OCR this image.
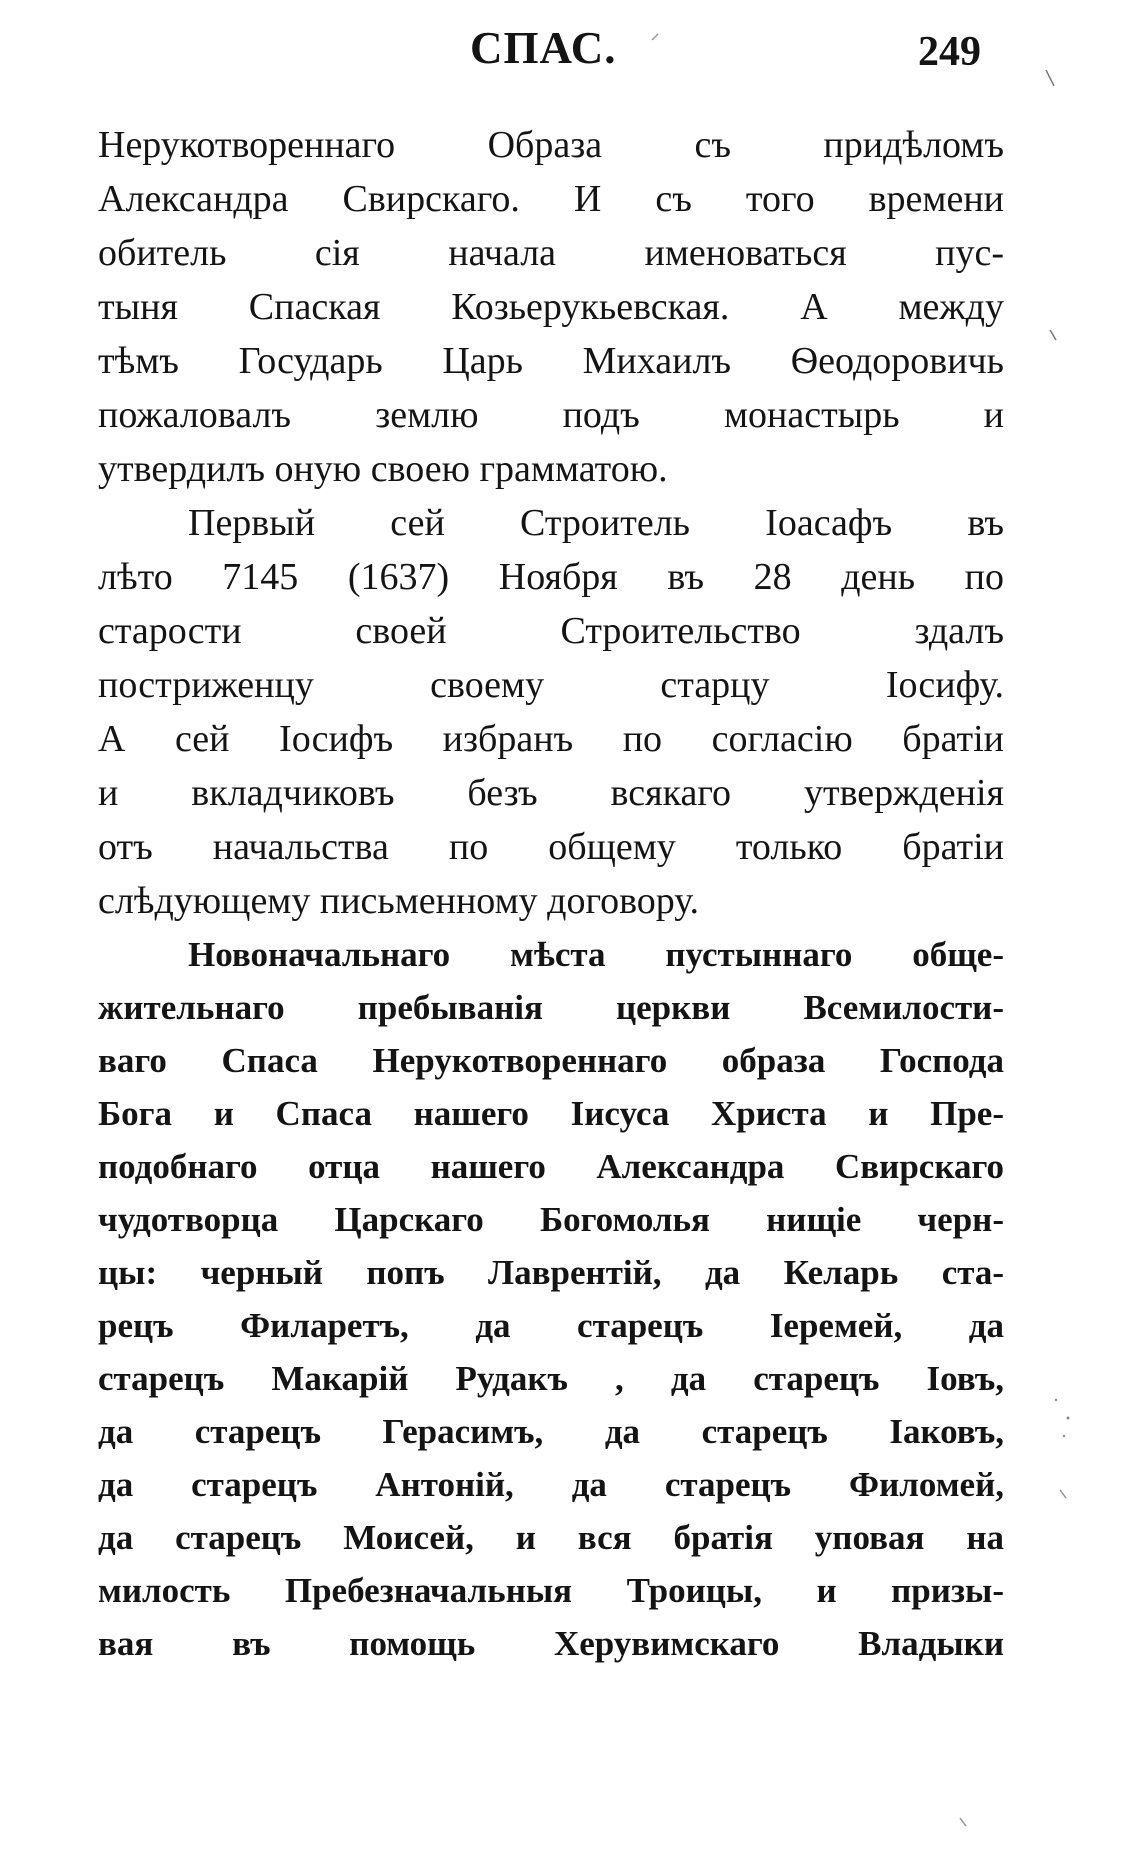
СПАС.	249
Нерукотвореннаго Образа съ придѣломъ
Александра Свирскаго. И съ того времени
обитель сія начала именоваться пус-
тыня Спаская Козьерукьевская. А между
тѣмъ Государь Царь Михаилъ Ѳеодоровичь
пожаловалъ землю подъ монастырь и
утвердилъ оную своею грамматою.
Первый сей Строитель Іоасафъ въ
лѣто 7145 (1637) Ноября въ 28 день по
старости своей Строительство здалъ
постриженцу своему старцу Іосифу.
А сей Іосифъ избранъ по согласію братіи
и вкладчиковъ безъ всякаго утвержденія
отъ начальства по общему только братіи
слѣдующему письменному договору.
Новоначальнаго мѣста пустыннаго обще-
жительнаго пребыванія церкви Всемилости-
ваго Спаса Нерукотвореннаго образа Господа
Бога и Спаса нашего Іисуса Христа и Пре-
подобнаго отца нашего Александра Свирскаго
чудотворца Царскаго Богомолья нищіе черн-
цы: черный попъ Лаврентій, да Келарь ста-
рецъ Филаретъ, да старецъ Іеремей, да
старецъ Макарій Рудакъ , да старецъ Іовъ,
да старецъ Герасимъ, да старецъ Іаковъ,
да старецъ Антоній, да старецъ Филомей,
да старецъ Моисей, и вся братія уповая на
милость Пребезначальныя Троицы, и призы-
вая въ помощь Херувимскаго Владыки
